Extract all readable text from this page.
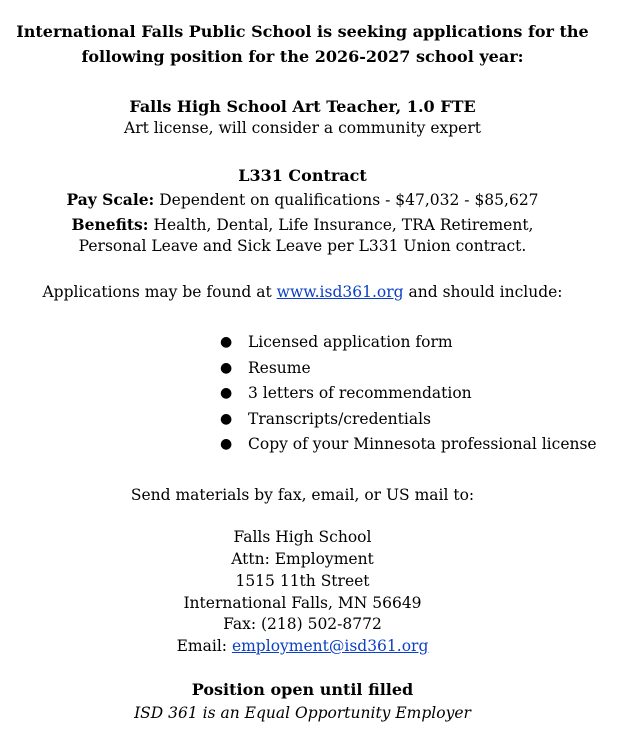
International Falls Public School is seeking applications for the
following position for the 2026-2027 school year:
Falls High School Art Teacher, 1.0 FTE
Art license, will consider a community expert
L331 Contract
Pay Scale: Dependent on qualifications - $47,032 - $85,627
Benefits: Health, Dental, Life Insurance, TRA Retirement,
Personal Leave and Sick Leave per L331 Union contract.
Applications may be found at www.isd361.org and should include:
● Licensed application form
● Resume
● 3 letters of recommendation
● Transcripts/credentials
● Copy of your Minnesota professional license
Send materials by fax, email, or US mail to:
Falls High School
Attn: Employment
1515 11th Street
International Falls, MN 56649
Fax: (218) 502-8772
Email: employment@isd361.org
Position open until filled
ISD 361 is an Equal Opportunity Employer
